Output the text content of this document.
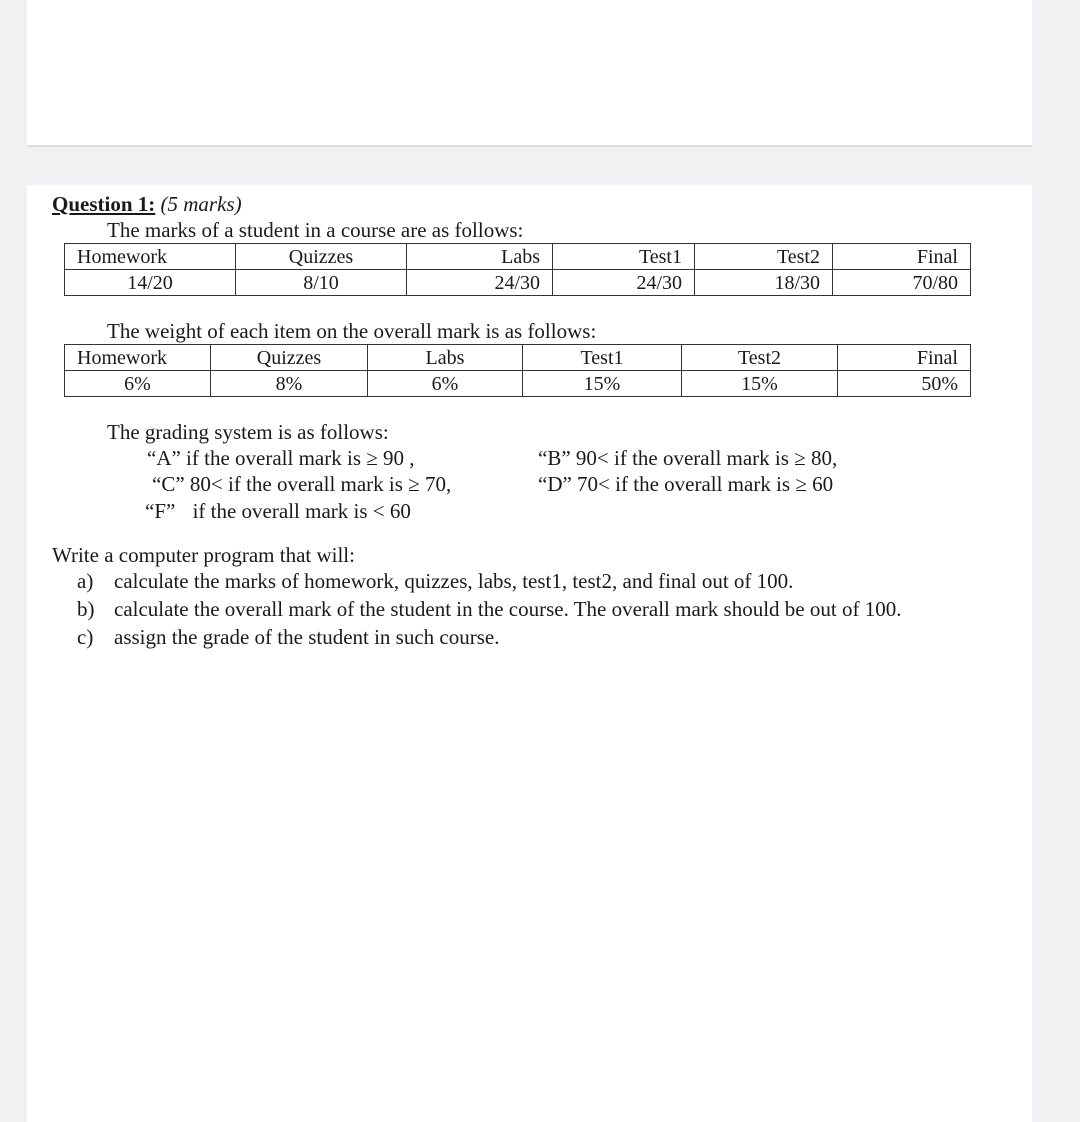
Question 1: (5 marks)
The marks of a student in a course are as follows:
Homework	Quizzes	Labs	Test1	Test2	Final
14/20	8/10	24/30	24/30	18/30	70/80
The weight of each item on the overall mark is as follows:
Homework	Quizzes	Labs	Test1	Test2	Final
6%	8%	6%	15%	15%	50%
The grading system is as follows:
“A” if the overall mark is ≥ 90 ,	“B” 90< if the overall mark is ≥ 80,
“C” 80< if the overall mark is ≥ 70,	“D” 70< if the overall mark is ≥ 60
“F” if the overall mark is < 60
Write a computer program that will:
a) calculate the marks of homework, quizzes, labs, test1, test2, and final out of 100.
b) calculate the overall mark of the student in the course. The overall mark should be out of 100.
c) assign the grade of the student in such course.
